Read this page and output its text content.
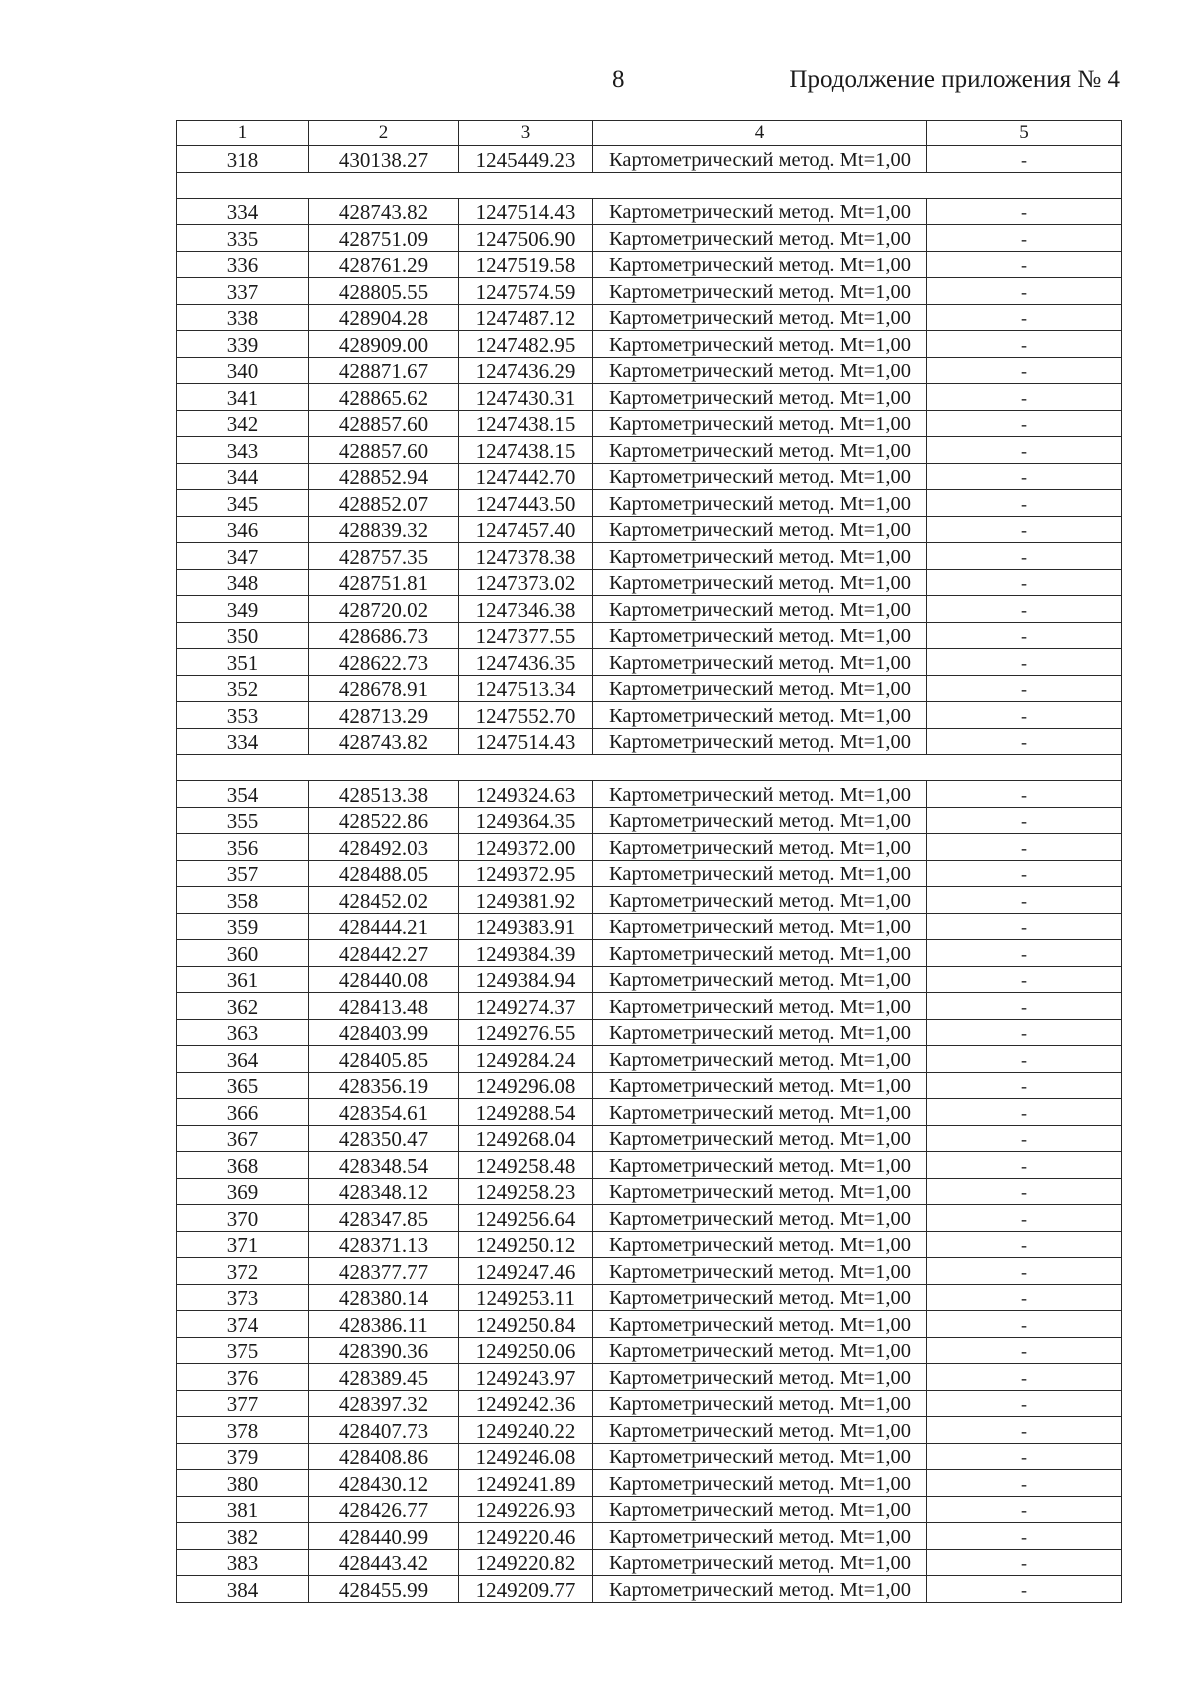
8	Продолжение приложения № 4
1	2	3	4	5
318	430138.27	1245449.23	Картометрический метод. Mt=1,00	-

334	428743.82	1247514.43	Картометрический метод. Mt=1,00	-
335	428751.09	1247506.90	Картометрический метод. Mt=1,00	-
336	428761.29	1247519.58	Картометрический метод. Mt=1,00	-
337	428805.55	1247574.59	Картометрический метод. Mt=1,00	-
338	428904.28	1247487.12	Картометрический метод. Mt=1,00	-
339	428909.00	1247482.95	Картометрический метод. Mt=1,00	-
340	428871.67	1247436.29	Картометрический метод. Mt=1,00	-
341	428865.62	1247430.31	Картометрический метод. Mt=1,00	-
342	428857.60	1247438.15	Картометрический метод. Mt=1,00	-
343	428857.60	1247438.15	Картометрический метод. Mt=1,00	-
344	428852.94	1247442.70	Картометрический метод. Mt=1,00	-
345	428852.07	1247443.50	Картометрический метод. Mt=1,00	-
346	428839.32	1247457.40	Картометрический метод. Mt=1,00	-
347	428757.35	1247378.38	Картометрический метод. Mt=1,00	-
348	428751.81	1247373.02	Картометрический метод. Mt=1,00	-
349	428720.02	1247346.38	Картометрический метод. Mt=1,00	-
350	428686.73	1247377.55	Картометрический метод. Mt=1,00	-
351	428622.73	1247436.35	Картометрический метод. Mt=1,00	-
352	428678.91	1247513.34	Картометрический метод. Mt=1,00	-
353	428713.29	1247552.70	Картометрический метод. Mt=1,00	-
334	428743.82	1247514.43	Картометрический метод. Mt=1,00	-

354	428513.38	1249324.63	Картометрический метод. Mt=1,00	-
355	428522.86	1249364.35	Картометрический метод. Mt=1,00	-
356	428492.03	1249372.00	Картометрический метод. Mt=1,00	-
357	428488.05	1249372.95	Картометрический метод. Mt=1,00	-
358	428452.02	1249381.92	Картометрический метод. Mt=1,00	-
359	428444.21	1249383.91	Картометрический метод. Mt=1,00	-
360	428442.27	1249384.39	Картометрический метод. Mt=1,00	-
361	428440.08	1249384.94	Картометрический метод. Mt=1,00	-
362	428413.48	1249274.37	Картометрический метод. Mt=1,00	-
363	428403.99	1249276.55	Картометрический метод. Mt=1,00	-
364	428405.85	1249284.24	Картометрический метод. Mt=1,00	-
365	428356.19	1249296.08	Картометрический метод. Mt=1,00	-
366	428354.61	1249288.54	Картометрический метод. Mt=1,00	-
367	428350.47	1249268.04	Картометрический метод. Mt=1,00	-
368	428348.54	1249258.48	Картометрический метод. Mt=1,00	-
369	428348.12	1249258.23	Картометрический метод. Mt=1,00	-
370	428347.85	1249256.64	Картометрический метод. Mt=1,00	-
371	428371.13	1249250.12	Картометрический метод. Mt=1,00	-
372	428377.77	1249247.46	Картометрический метод. Mt=1,00	-
373	428380.14	1249253.11	Картометрический метод. Mt=1,00	-
374	428386.11	1249250.84	Картометрический метод. Mt=1,00	-
375	428390.36	1249250.06	Картометрический метод. Mt=1,00	-
376	428389.45	1249243.97	Картометрический метод. Mt=1,00	-
377	428397.32	1249242.36	Картометрический метод. Mt=1,00	-
378	428407.73	1249240.22	Картометрический метод. Mt=1,00	-
379	428408.86	1249246.08	Картометрический метод. Mt=1,00	-
380	428430.12	1249241.89	Картометрический метод. Mt=1,00	-
381	428426.77	1249226.93	Картометрический метод. Mt=1,00	-
382	428440.99	1249220.46	Картометрический метод. Mt=1,00	-
383	428443.42	1249220.82	Картометрический метод. Mt=1,00	-
384	428455.99	1249209.77	Картометрический метод. Mt=1,00	-
